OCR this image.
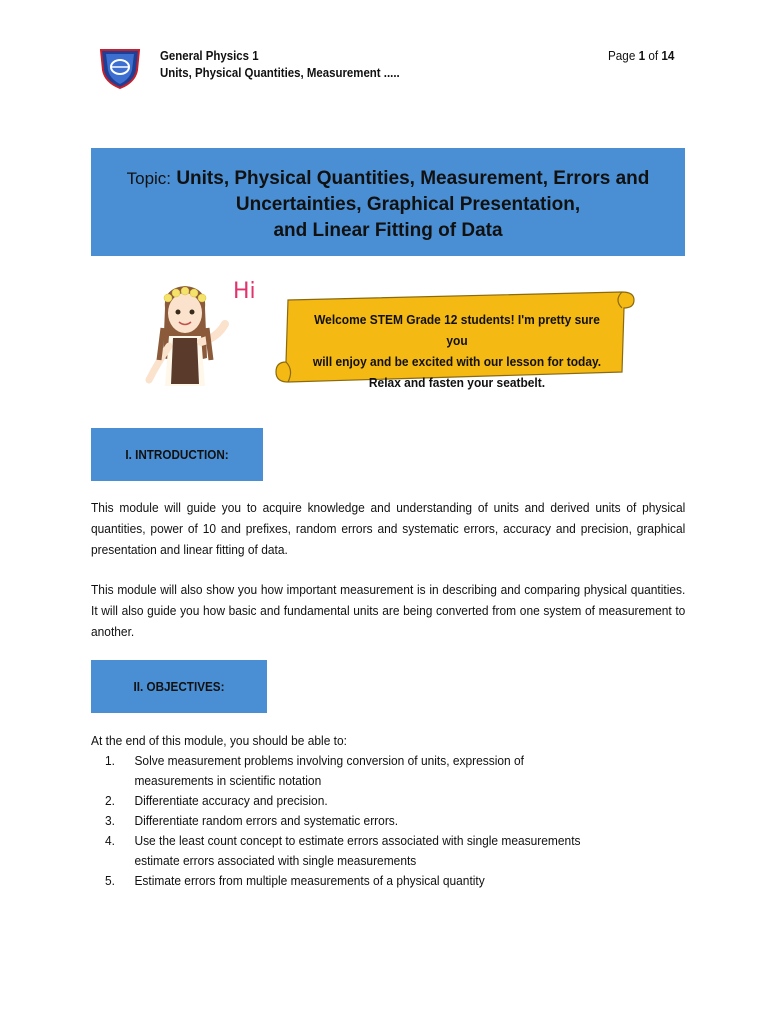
General Physics 1
Units, Physical Quantities, Measurement .....
Page 1 of 14
Topic: Units, Physical Quantities, Measurement, Errors and
Uncertainties, Graphical Presentation,
and Linear Fitting of Data
Hi
Welcome STEM Grade 12 students! I'm pretty sure you
will enjoy and be excited with our lesson for today.
Relax and fasten your seatbelt.
I. INTRODUCTION:
This module will guide you to acquire knowledge and understanding of units and derived units of physical quantities, power of 10 and prefixes, random errors and systematic errors, accuracy and precision, graphical presentation and linear fitting of data.
This module will also show you how important measurement is in describing and comparing physical quantities. It will also guide you how basic and fundamental units are being converted from one system of measurement to another.
II. OBJECTIVES:
At the end of this module, you should be able to:
1.	Solve measurement problems involving conversion of units, expression of measurements in scientific notation
2.	Differentiate accuracy and precision.
3.	Differentiate random errors and systematic errors.
4.	Use the least count concept to estimate errors associated with single measurements estimate errors associated with single measurements
5.	Estimate errors from multiple measurements of a physical quantity
